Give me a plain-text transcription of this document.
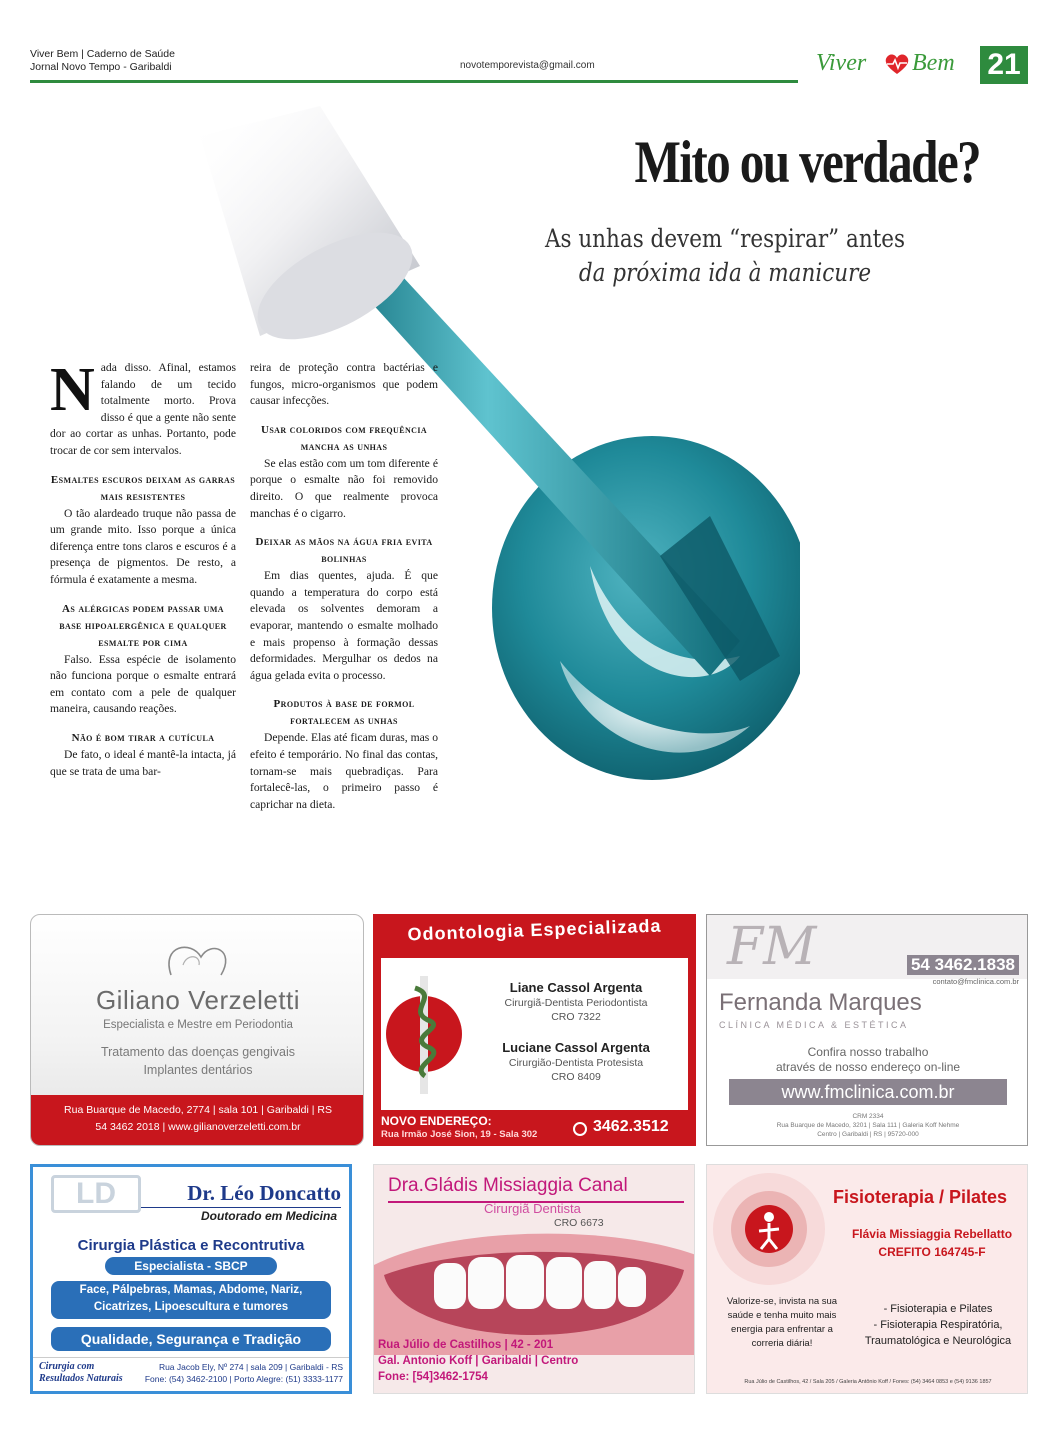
Viver Bem | Caderno de Saúde
Jornal Novo Tempo - Garibaldi	novotemporevista@gmail.com	Viver Bem 21
Mito ou verdade?
As unhas devem “respirar” antes
da próxima ida à manicure

N ada disso. Afinal, estamos falando de um tecido totalmente morto. Prova disso é que a gente não sente dor ao cortar as unhas. Portanto, pode trocar de cor sem intervalos.

Esmaltes escuros deixam as garras mais resistentes

O tão alardeado truque não passa de um grande mito. Isso porque a única diferença entre tons claros e escuros é a presença de pigmentos. De resto, a fórmula é exatamente a mesma.

As alérgicas podem passar uma base hipoalergênica e qualquer esmalte por cima

Falso. Essa espécie de isolamento não funciona porque o esmalte entrará em contato com a pele de qualquer maneira, causando reações.

Não é bom tirar a cutícula

De fato, o ideal é mantê-la intacta, já que se trata de uma bar-

reira de proteção contra bactérias e fungos, micro-organismos que podem causar infecções.

Usar coloridos com frequência mancha as unhas

Se elas estão com um tom diferente é porque o esmalte não foi removido direito. O que realmente provoca manchas é o cigarro.

Deixar as mãos na água fria evita bolinhas

Em dias quentes, ajuda. É que quando a temperatura do corpo está elevada os solventes demoram a evaporar, mantendo o esmalte molhado e mais propenso à formação dessas deformidades. Mergulhar os dedos na água gelada evita o processo.

Produtos à base de formol fortalecem as unhas

Depende. Elas até ficam duras, mas o efeito é temporário. No final das contas, tornam-se mais quebradiças. Para fortalecê-las, o primeiro passo é caprichar na dieta.

Giliano Verzeletti
Especialista e Mestre em Periodontia
Tratamento das doenças gengivais
Implantes dentários
Rua Buarque de Macedo, 2774 | sala 101 | Garibaldi | RS
54 3462 2018 | www.gilianoverzeletti.com.br
Odontologia Especializada
Liane Cassol Argenta
Cirurgiã-Dentista Periodontista
CRO 7322
Luciane Cassol Argenta
Cirurgião-Dentista Protesista
CRO 8409
NOVO ENDEREÇO:
Rua Irmão José Sion, 19 - Sala 302	3462.3512
FM	54 3462.1838
contato@fmclinica.com.br
Fernanda Marques
CLÍNICA MÉDICA & ESTÉTICA
Confira nosso trabalho
através de nosso endereço on-line
www.fmclinica.com.br
CRM 2334
Rua Buarque de Macedo, 3201 | Sala 111 | Galeria Koff Nehme
Centro | Garibaldi | RS | 95720-000
LD	Dr. Léo Doncatto
Doutorado em Medicina
Cirurgia Plástica e Recontrutiva
Especialista - SBCP
Face, Pálpebras, Mamas, Abdome, Nariz,
Cicatrizes, Lipoescultura e tumores
Qualidade, Segurança e Tradição
Cirurgia com
Resultados Naturais
Rua Jacob Ely, Nº 274 | sala 209 | Garibaldi - RS
Fone: (54) 3462-2100 | Porto Alegre: (51) 3333-1177
Dra.Gládis Missiaggia Canal
Cirurgiã Dentista
CRO 6673
Rua Júlio de Castilhos | 42 - 201
Gal. Antonio Koff | Garibaldi | Centro
Fone: [54]3462-1754
Fisioterapia / Pilates
Flávia Missiaggia Rebellatto
CREFITO 164745-F
Valorize-se, invista na sua
saúde e tenha muito mais
energia para enfrentar a
correria diária!
- Fisioterapia e Pilates
- Fisioterapia Respiratória,
Traumatológica e Neurológica
Rua Júlio de Castilhos, 42 / Sala 205 / Galeria Antônio Koff / Fones: (54) 3464 0853 e (54) 9136 1857
